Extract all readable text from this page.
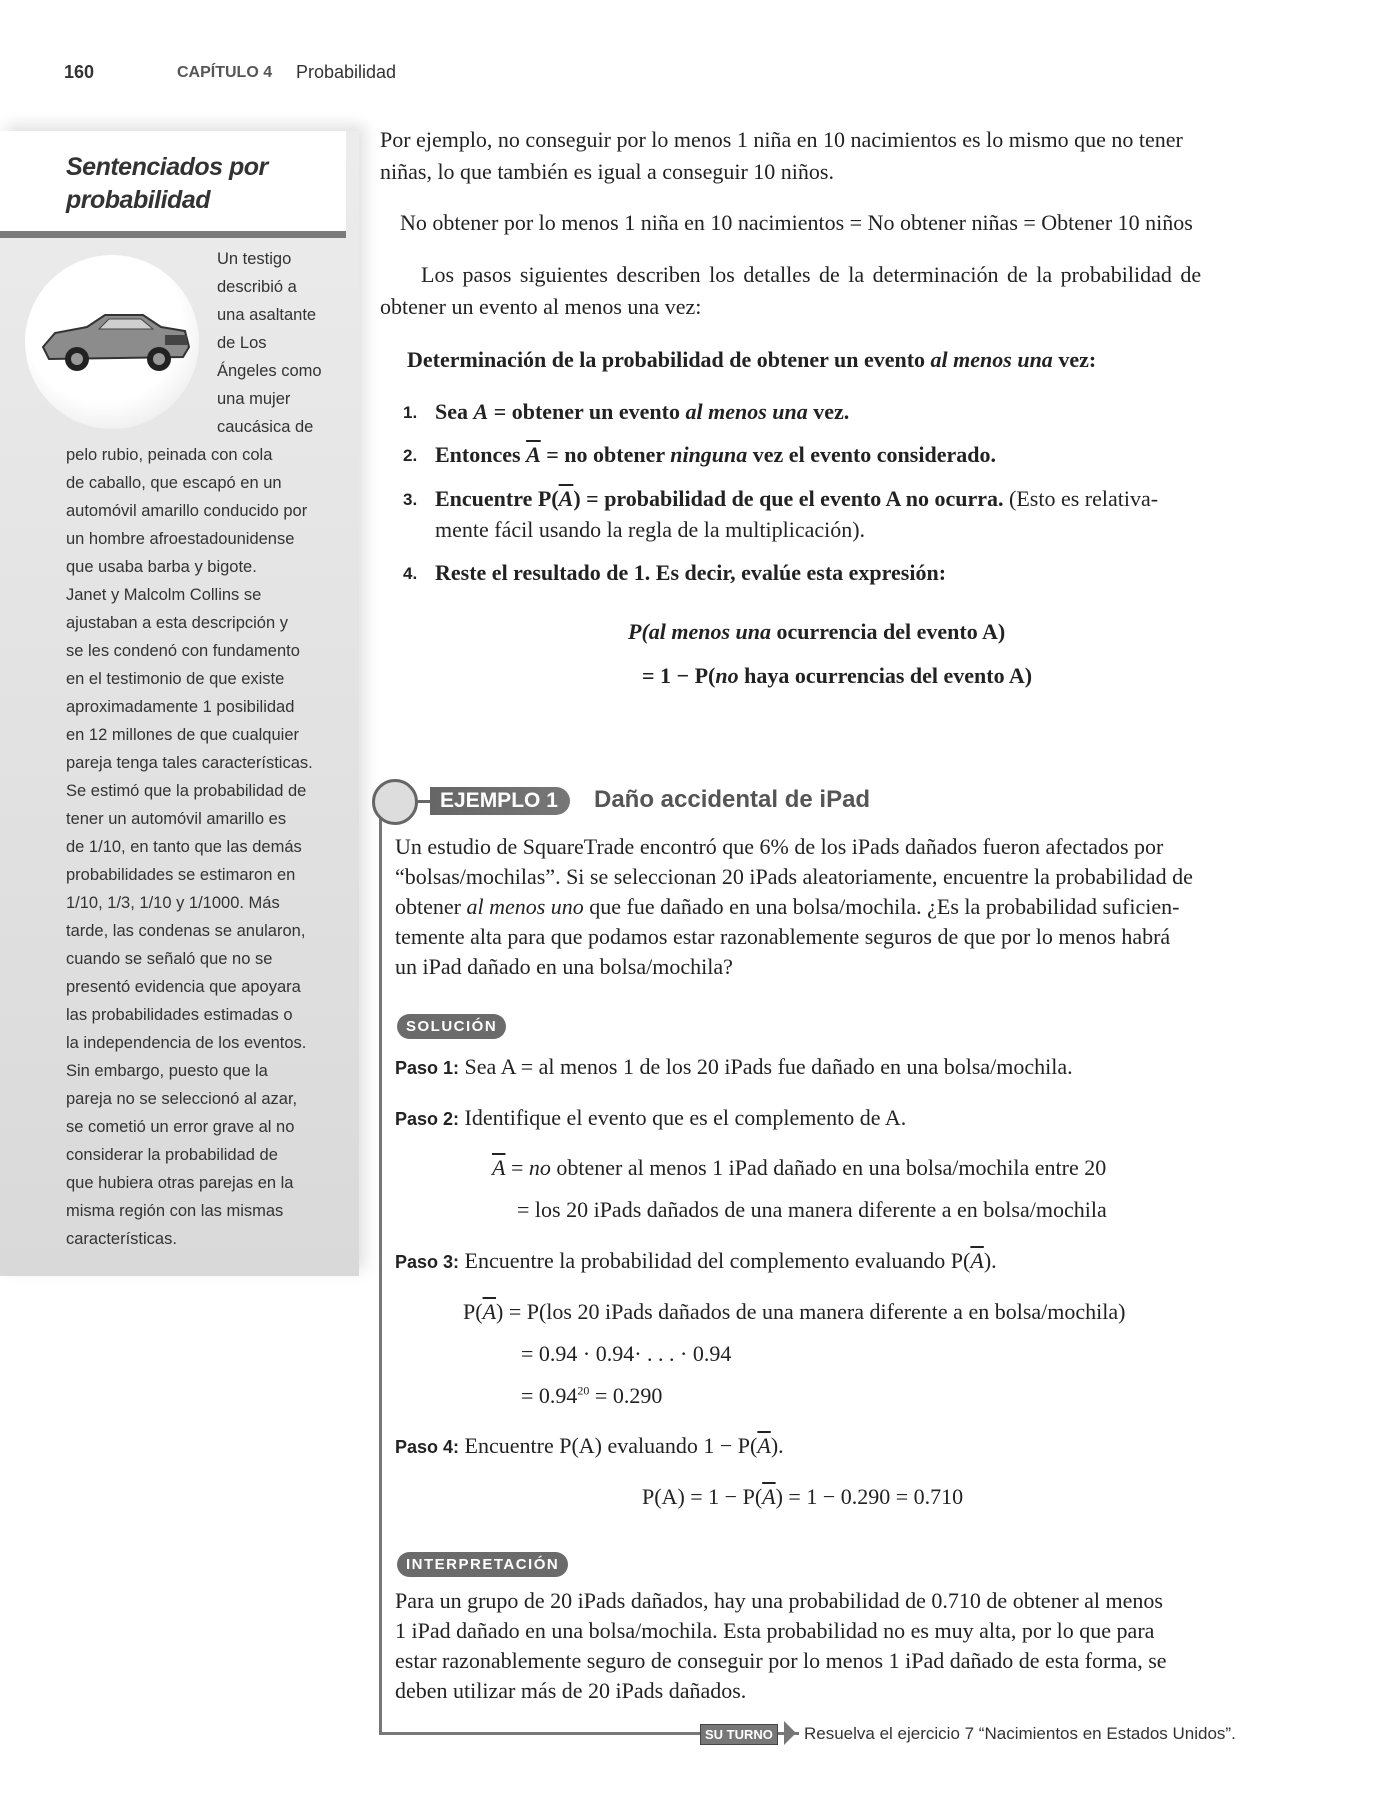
160	CAPÍTULO 4 Probabilidad
Sentenciados por
probabilidad
Un testigo
describió a
una asaltante
de Los
Ángeles como
una mujer
caucásica de
pelo rubio, peinada con cola
de caballo, que escapó en un
automóvil amarillo conducido por
un hombre afroestadounidense
que usaba barba y bigote.
Janet y Malcolm Collins se
ajustaban a esta descripción y
se les condenó con fundamento
en el testimonio de que existe
aproximadamente 1 posibilidad
en 12 millones de que cualquier
pareja tenga tales características.
Se estimó que la probabilidad de
tener un automóvil amarillo es
de 1/10, en tanto que las demás
probabilidades se estimaron en
1/10, 1/3, 1/10 y 1/1000. Más
tarde, las condenas se anularon,
cuando se señaló que no se
presentó evidencia que apoyara
las probabilidades estimadas o
la independencia de los eventos.
Sin embargo, puesto que la
pareja no se seleccionó al azar,
se cometió un error grave al no
considerar la probabilidad de
que hubiera otras parejas en la
misma región con las mismas
características.
Por ejemplo, no conseguir por lo menos 1 niña en 10 nacimientos es lo mismo que no tener
niñas, lo que también es igual a conseguir 10 niños.
No obtener por lo menos 1 niña en 10 nacimientos = No obtener niñas = Obtener 10 niños
Los pasos siguientes describen los detalles de la determinación de la probabilidad de
obtener un evento al menos una vez:
Determinación de la probabilidad de obtener un evento al menos una vez:
1. Sea A = obtener un evento al menos una vez.
2. Entonces $\overline{A}$ = no obtener ninguna vez el evento considerado.
3. Encuentre $P(\overline{A})$ = probabilidad de que el evento A no ocurra. (Esto es relativa-
mente fácil usando la regla de la multiplicación).
4. Reste el resultado de 1. Es decir, evalúe esta expresión:
P(al menos una ocurrencia del evento A)
= 1 − P(no haya ocurrencias del evento A)
EJEMPLO 1	Daño accidental de iPad
Un estudio de SquareTrade encontró que 6% de los iPads dañados fueron afectados por
“bolsas/mochilas”. Si se seleccionan 20 iPads aleatoriamente, encuentre la probabilidad de
obtener al menos uno que fue dañado en una bolsa/mochila. ¿Es la probabilidad suficien-
temente alta para que podamos estar razonablemente seguros de que por lo menos habrá
un iPad dañado en una bolsa/mochila?
SOLUCIÓN
Paso 1: Sea A = al menos 1 de los 20 iPads fue dañado en una bolsa/mochila.
Paso 2: Identifique el evento que es el complemento de A.
$\overline{A}$ = no obtener al menos 1 iPad dañado en una bolsa/mochila entre 20
= los 20 iPads dañados de una manera diferente a en bolsa/mochila
Paso 3: Encuentre la probabilidad del complemento evaluando $P(\overline{A})$.
$P(\overline{A}) = P(los$ 20 iPads dañados de una manera diferente a en bolsa/mochila)
= 0.94 · 0.94· . . . · 0.94
= $0.94^{20} = 0.290$
Paso 4: Encuentre P(A) evaluando $1 - P(\overline{A})$.
$P(A) = 1 - P(\overline{A}) = 1 - 0.290 = 0.710$
INTERPRETACIÓN
Para un grupo de 20 iPads dañados, hay una probabilidad de 0.710 de obtener al menos
1 iPad dañado en una bolsa/mochila. Esta probabilidad no es muy alta, por lo que para
estar razonablemente seguro de conseguir por lo menos 1 iPad dañado de esta forma, se
deben utilizar más de 20 iPads dañados.
SU TURNO Resuelva el ejercicio 7 “Nacimientos en Estados Unidos”.
